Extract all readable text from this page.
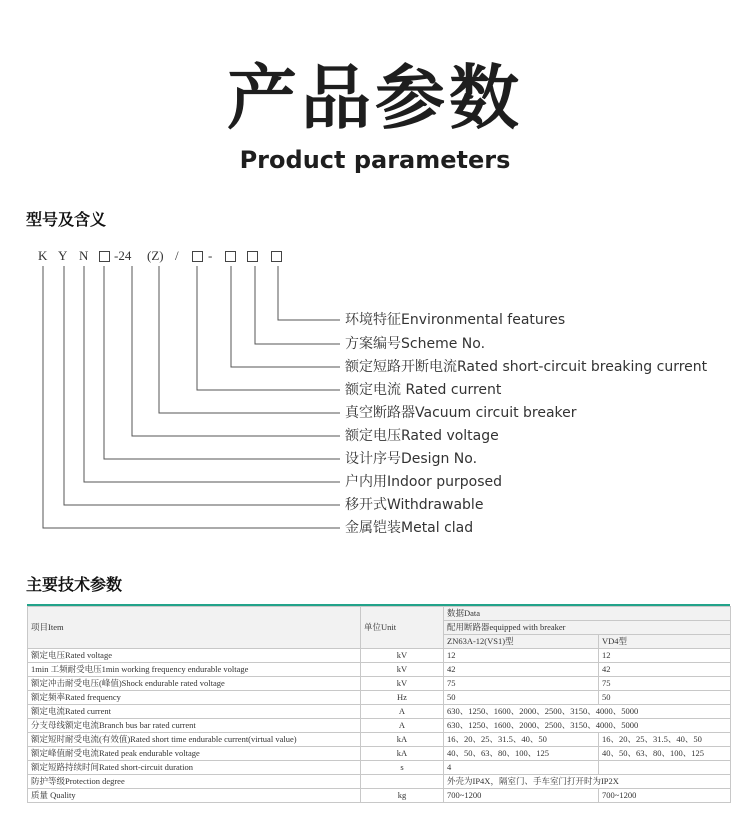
产品参数
Product parameters
型号及含义
K Y N -24 (Z) / -
环境特征Environmental features
方案编号Scheme No.
额定短路开断电流Rated short-circuit breaking current
额定电流 Rated current
真空断路器Vacuum circuit breaker
额定电压Rated voltage
设计序号Design No.
户内用Indoor purposed
移开式Withdrawable
金属铠装Metal clad
主要技术参数
项目Item	单位Unit	数据Data	
		配用断路器equipped with breaker	
		ZN63A-12(VS1)型	VD4型
额定电压Rated voltage	kV	12	12
1min 工频耐受电压1min working frequency endurable voltage	kV	42	42
额定冲击耐受电压(峰值)Shock endurable rated voltage	kV	75	75
额定频率Rated frequency	Hz	50	50
额定电流Rated current	A	630、1250、1600、2000、2500、3150、4000、5000	
分支母线额定电流Branch bus bar rated current	A	630、1250、1600、2000、2500、3150、4000、5000	
额定短时耐受电流(有效值)Rated short time endurable current(virtual value)	kA	16、20、25、31.5、40、50	16、20、25、31.5、40、50
额定峰值耐受电流Rated peak endurable voltage	kA	40、50、63、80、100、125	40、50、63、80、100、125
额定短路持续时间Rated short-circuit duration	s	4	
防护等级Protection degree		外壳为IP4X，隔室门、手车室门打开时为IP2X	
质量 Quality	kg	700~1200	700~1200
